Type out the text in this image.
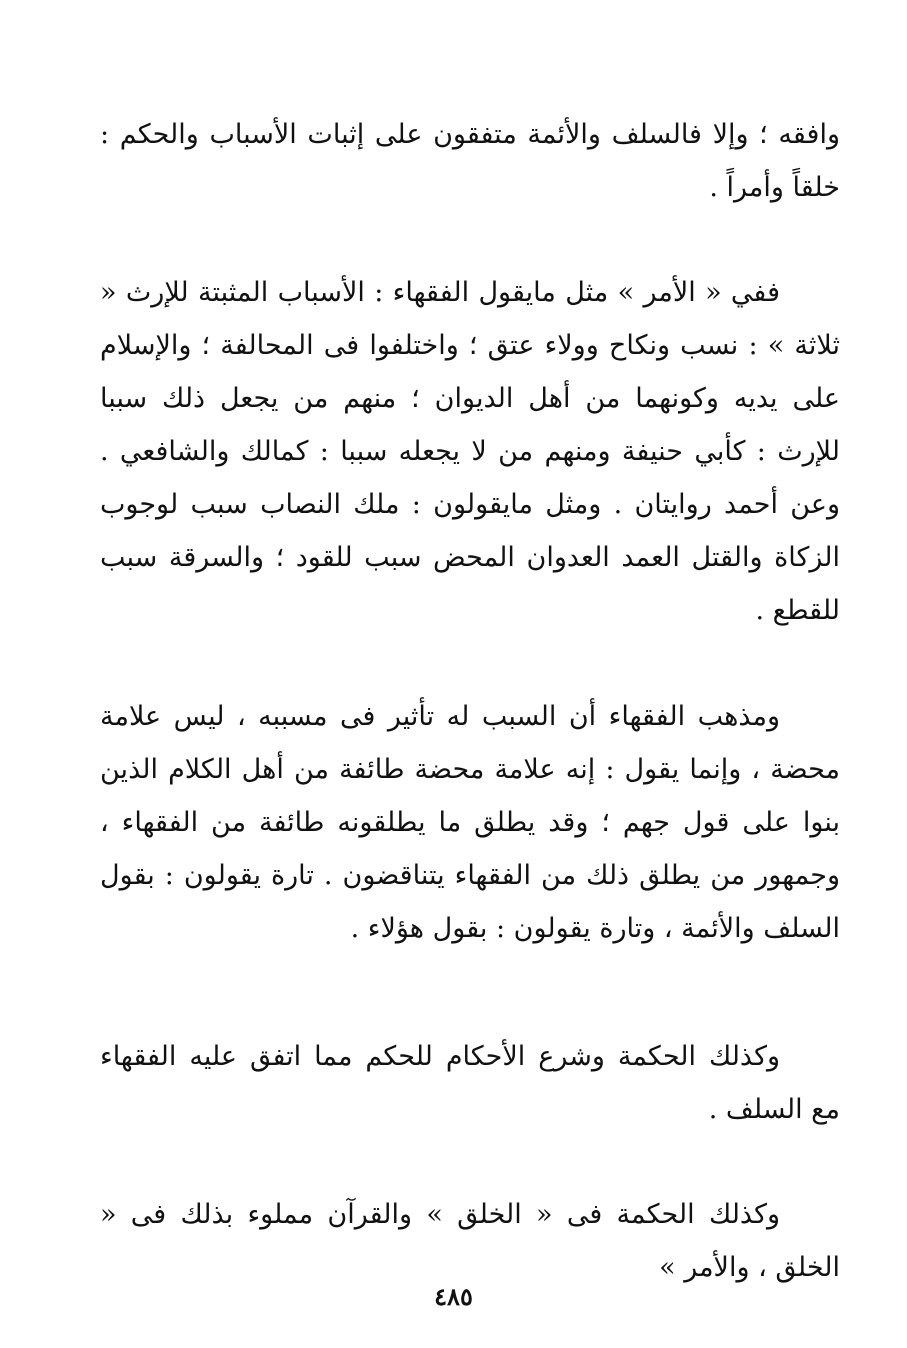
وافقه ؛ وإلا فالسلف والأئمة متفقون على إثبات الأسباب والحكم : خلقاً وأمراً .

ففي « الأمر » مثل مايقول الفقهاء : الأسباب المثبتة للإرث « ثلاثة » : نسب ونكاح وولاء عتق ؛ واختلفوا فى المحالفة ؛ والإسلام على يديه وكونهما من أهل الديوان ؛ منهم من يجعل ذلك سببا للإرث : كأبي حنيفة ومنهم من لا يجعله سببا : كمالك والشافعي . وعن أحمد روايتان . ومثل مايقولون : ملك النصاب سبب لوجوب الزكاة والقتل العمد العدوان المحض سبب للقود ؛ والسرقة سبب للقطع .

ومذهب الفقهاء أن السبب له تأثير فى مسببه ، ليس علامة محضة ، وإنما يقول : إنه علامة محضة طائفة من أهل الكلام الذين بنوا على قول جهم ؛ وقد يطلق ما يطلقونه طائفة من الفقهاء ، وجمهور من يطلق ذلك من الفقهاء يتناقضون . تارة يقولون : بقول السلف والأئمة ، وتارة يقولون : بقول هؤلاء .

وكذلك الحكمة وشرع الأحكام للحكم مما اتفق عليه الفقهاء مع السلف .

وكذلك الحكمة فى « الخلق » والقرآن مملوء بذلك فى « الخلق ، والأمر »

٤٨٥
